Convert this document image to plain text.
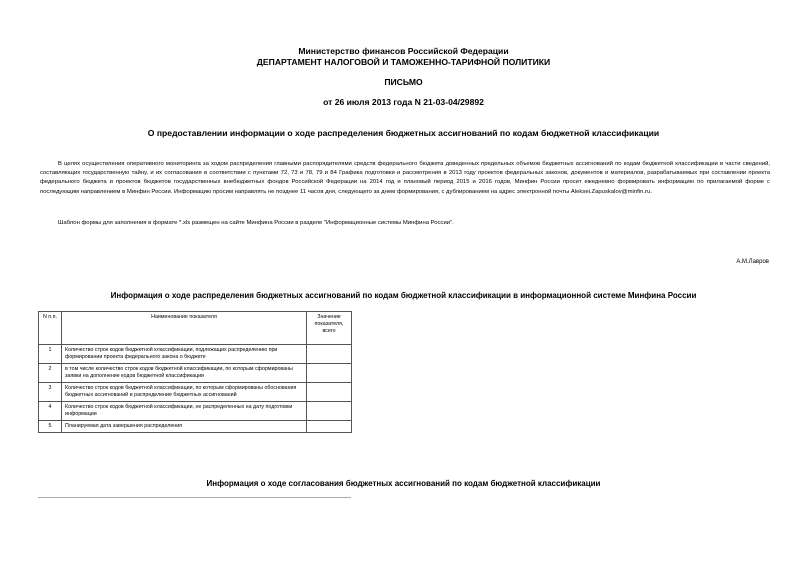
Министерство финансов Российской Федерации
ДЕПАРТАМЕНТ НАЛОГОВОЙ И ТАМОЖЕННО-ТАРИФНОЙ ПОЛИТИКИ
ПИСЬМО
от 26 июля 2013 года N 21-03-04/29892
О предоставлении информации о ходе распределения бюджетных ассигнований по кодам бюджетной классификации
В целях осуществления оперативного мониторинга за ходом распределения главными распорядителями средств федерального бюджета доведенных предельных объемов бюджетных ассигнований по кодам бюджетной классификации в части сведений, составляющих государственную тайну, и их согласования в соответствии с пунктами 72, 73 и 78, 79 и 84 Графика подготовки и рассмотрения в 2013 году проектов федеральных законов, документов и материалов, разрабатываемых при составлении проекта федерального бюджета и проектов бюджетов государственных внебюджетных фондов Российской Федерации на 2014 год и плановый период 2015 и 2016 годов, Минфин России просит ежедневно формировать информацию по прилагаемой форме с последующим направлением в Минфин России. Информацию просим направлять не позднее 11 часов дня, следующего за днем формирования, с дублированием на адрес электронной почты Aleksei.Zapuskalov@minfin.ru.
Шаблон формы для заполнения в формате *.xls размещен на сайте Минфина России в разделе "Информационные системы Минфина России".
А.М.Лавров
Информация о ходе распределения бюджетных ассигнований по кодам бюджетной классификации в информационной системе Минфина России
N п.п.	Наименование показателя	Значение показателя, всего
1	Количество строк кодов бюджетной классификации, подлежащих распределению при формировании проекта федерального закона о бюджете	
2	в том числе количество строк кодов бюджетной классификации, по которым сформированы заявки на дополнение кодов бюджетной классификации	
3	Количество строк кодов бюджетной классификации, по которым сформированы обоснования бюджетных ассигнований и распределение бюджетных ассигнований	
4	Количество строк кодов бюджетной классификации, не распределенных на дату подготовки информации	
5	Планируемая дата завершения распределения	
Информация о ходе согласования бюджетных ассигнований по кодам бюджетной классификации
